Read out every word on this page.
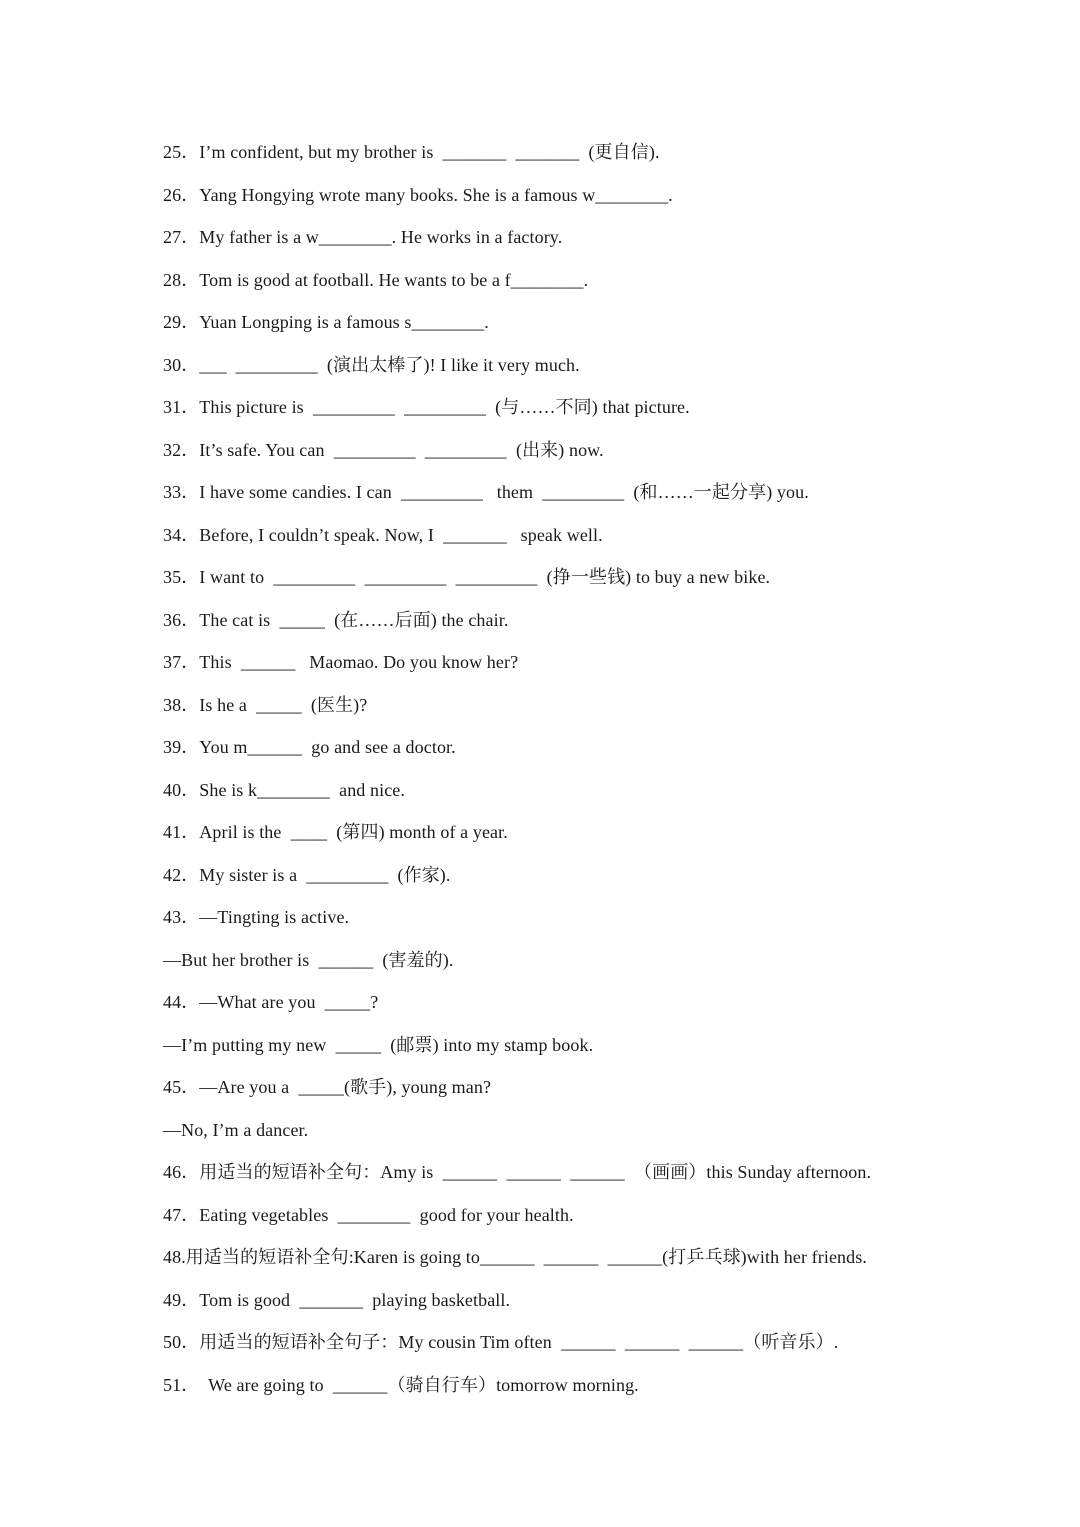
25．I’m confident, but my brother is  _______  _______  (更自信).
26．Yang Hongying wrote many books. She is a famous w________.
27．My father is a w________. He works in a factory.
28．Tom is good at football. He wants to be a f________.
29．Yuan Longping is a famous s________.
30．___  _________  (演出太棒了)! I like it very much.
31．This picture is  _________  _________  (与……不同) that picture.
32．It’s safe. You can  _________  _________  (出来) now.
33．I have some candies. I can  _________   them  _________  (和……一起分享) you.
34．Before, I couldn’t speak. Now, I  _______   speak well.
35．I want to  _________  _________  _________  (挣一些钱) to buy a new bike.
36．The cat is  _____  (在……后面) the chair.
37．This  ______   Maomao. Do you know her?
38．Is he a  _____  (医生)?
39．You m______  go and see a doctor.
40．She is k________  and nice.
41．April is the  ____  (第四) month of a year.
42．My sister is a  _________  (作家).
43．—Tingting is active.
—But her brother is  ______  (害羞的).
44．—What are you  _____?
—I’m putting my new  _____  (邮票) into my stamp book.
45．—Are you a  _____(歌手), young man?
—No, I’m a dancer.
46．用适当的短语补全句：Amy is  ______  ______  ______  （画画）this Sunday afternoon.
47．Eating vegetables  ________  good for your health.
48.用适当的短语补全句:Karen is going to______  ______  ______(打乒乓球)with her friends.
49．Tom is good  _______  playing basketball.
50．用适当的短语补全句子：My cousin Tim often  ______  ______  ______（听音乐）.
51．  We are going to  ______（骑自行车）tomorrow morning.
